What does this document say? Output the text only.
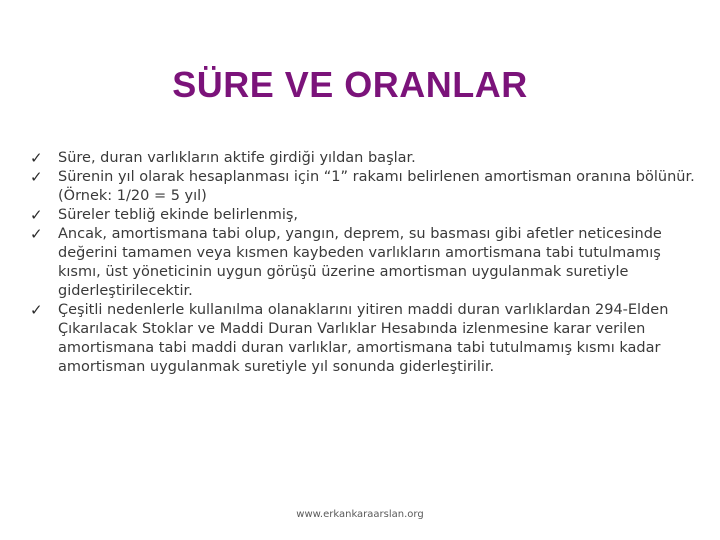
SÜRE VE ORANLAR
✓ Süre, duran varlıkların aktife girdiği yıldan başlar.
✓ Sürenin yıl olarak hesaplanması için “1” rakamı belirlenen amortisman oranına bölünür. (Örnek: 1/20 = 5 yıl)
✓ Süreler tebliğ ekinde belirlenmiş,
✓ Ancak, amortismana tabi olup, yangın, deprem, su basması gibi afetler neticesinde değerini tamamen veya kısmen kaybeden varlıkların amortismana tabi tutulmamış kısmı, üst yöneticinin uygun görüşü üzerine amortisman uygulanmak suretiyle giderleştirilecektir.
✓ Çeşitli nedenlerle kullanılma olanaklarını yitiren maddi duran varlıklardan 294-Elden Çıkarılacak Stoklar ve Maddi Duran Varlıklar Hesabında izlenmesine karar verilen amortismana tabi maddi duran varlıklar, amortismana tabi tutulmamış kısmı kadar amortisman uygulanmak suretiyle yıl sonunda giderleştirilir.
www.erkankaraarslan.org
